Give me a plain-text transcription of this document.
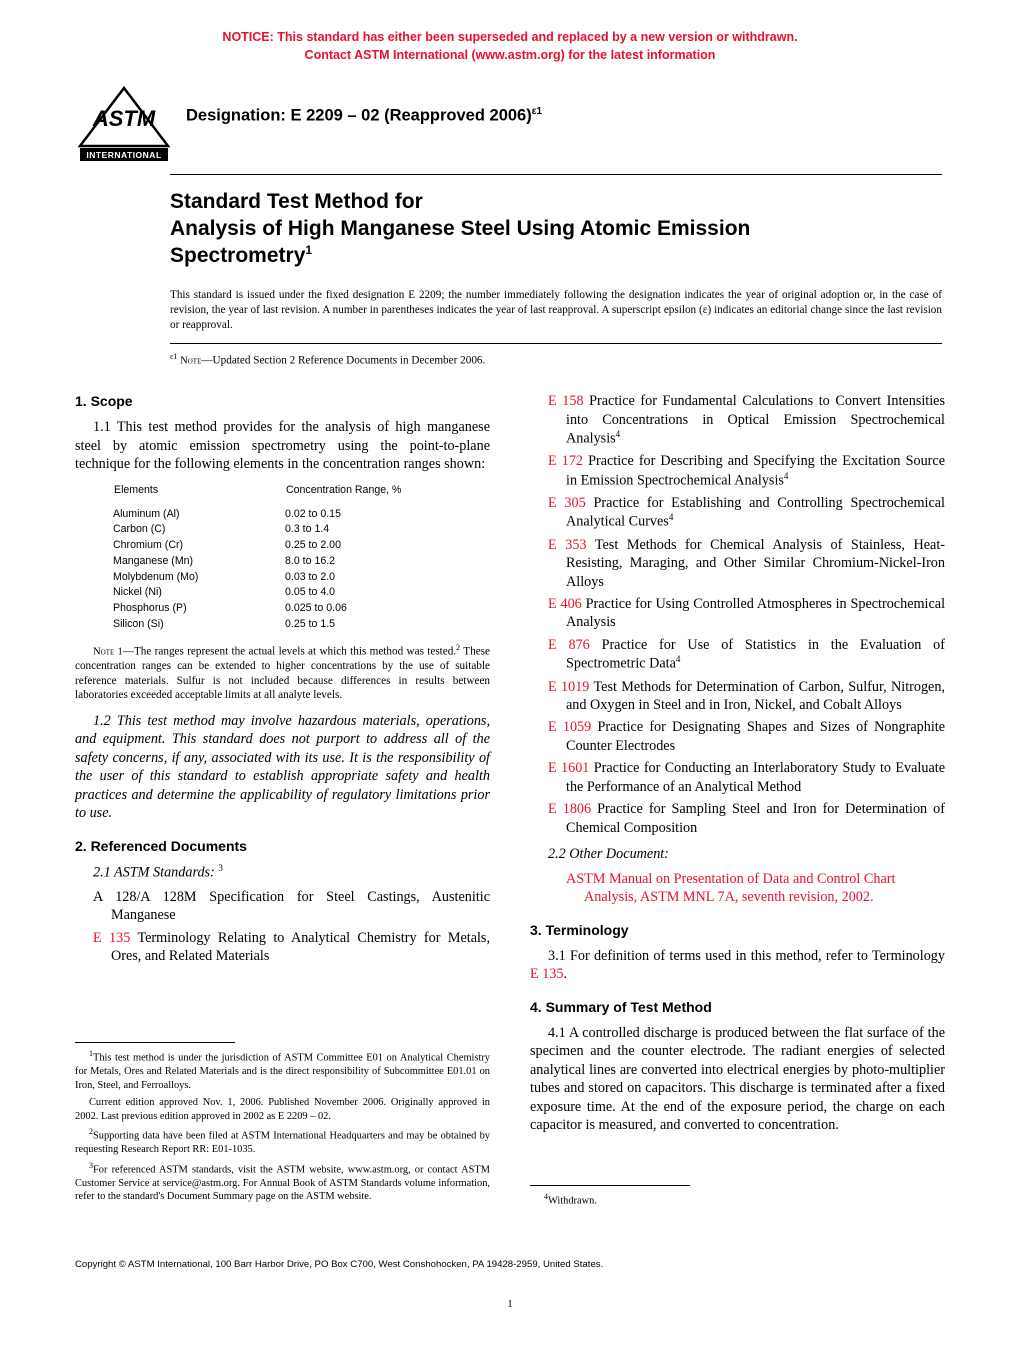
NOTICE: This standard has either been superseded and replaced by a new version or withdrawn.
Contact ASTM International (www.astm.org) for the latest information
ASTM
INTERNATIONAL
Designation: E 2209 – 02 (Reapproved 2006)$^{\varepsilon 1}$
Standard Test Method for
Analysis of High Manganese Steel Using Atomic Emission
Spectrometry$^1$
This standard is issued under the fixed designation E 2209; the number immediately following the designation indicates the year of original adoption or, in the case of revision, the year of last revision. A number in parentheses indicates the year of last reapproval. A superscript epsilon (ε) indicates an editorial change since the last revision or reapproval.
$^{\varepsilon 1}$ Note—Updated Section 2 Reference Documents in December 2006.
1. Scope

1.1 This test method provides for the analysis of high manganese steel by atomic emission spectrometry using the point-to-plane technique for the following elements in the concentration ranges shown:

Elements	Concentration Range, %
Aluminum (Al)	0.02 to 0.15
Carbon (C)	0.3 to 1.4
Chromium (Cr)	0.25 to 2.00
Manganese (Mn)	8.0 to 16.2
Molybdenum (Mo)	0.03 to 2.0
Nickel (Ni)	0.05 to 4.0
Phosphorus (P)	0.025 to 0.06
Silicon (Si)	0.25 to 1.5

Note 1—The ranges represent the actual levels at which this method was tested.$^2$ These concentration ranges can be extended to higher concentrations by the use of suitable reference materials. Sulfur is not included because differences in results between laboratories exceeded acceptable limits at all analyte levels.

1.2 This test method may involve hazardous materials, operations, and equipment. This standard does not purport to address all of the safety concerns, if any, associated with its use. It is the responsibility of the user of this standard to establish appropriate safety and health practices and determine the applicability of regulatory limitations prior to use.

2. Referenced Documents

2.1 ASTM Standards: $^3$

A 128/A 128M Specification for Steel Castings, Austenitic Manganese

E 135 Terminology Relating to Analytical Chemistry for Metals, Ores, and Related Materials

E 158 Practice for Fundamental Calculations to Convert Intensities into Concentrations in Optical Emission Spectrochemical Analysis$^4$

E 172 Practice for Describing and Specifying the Excitation Source in Emission Spectrochemical Analysis$^4$

E 305 Practice for Establishing and Controlling Spectrochemical Analytical Curves$^4$

E 353 Test Methods for Chemical Analysis of Stainless, Heat-Resisting, Maraging, and Other Similar Chromium-Nickel-Iron Alloys

E 406 Practice for Using Controlled Atmospheres in Spectrochemical Analysis

E 876 Practice for Use of Statistics in the Evaluation of Spectrometric Data$^4$

E 1019 Test Methods for Determination of Carbon, Sulfur, Nitrogen, and Oxygen in Steel and in Iron, Nickel, and Cobalt Alloys

E 1059 Practice for Designating Shapes and Sizes of Nongraphite Counter Electrodes

E 1601 Practice for Conducting an Interlaboratory Study to Evaluate the Performance of an Analytical Method

E 1806 Practice for Sampling Steel and Iron for Determination of Chemical Composition

2.2 Other Document:

ASTM Manual on Presentation of Data and Control Chart
Analysis, ASTM MNL 7A, seventh revision, 2002.

3. Terminology

3.1 For definition of terms used in this method, refer to Terminology E 135.

4. Summary of Test Method

4.1 A controlled discharge is produced between the flat surface of the specimen and the counter electrode. The radiant energies of selected analytical lines are converted into electrical energies by photo-multiplier tubes and stored on capacitors. This discharge is terminated after a fixed exposure time. At the end of the exposure period, the charge on each capacitor is measured, and converted to concentration.

$^1$This test method is under the jurisdiction of ASTM Committee E01 on Analytical Chemistry for Metals, Ores and Related Materials and is the direct responsibility of Subcommittee E01.01 on Iron, Steel, and Ferroalloys.

Current edition approved Nov. 1, 2006. Published November 2006. Originally approved in 2002. Last previous edition approved in 2002 as E 2209 – 02.

$^2$Supporting data have been filed at ASTM International Headquarters and may be obtained by requesting Research Report RR: E01-1035.

$^3$For referenced ASTM standards, visit the ASTM website, www.astm.org, or contact ASTM Customer Service at service@astm.org. For Annual Book of ASTM Standards volume information, refer to the standard's Document Summary page on the ASTM website.	$^4$Withdrawn.

Copyright © ASTM International, 100 Barr Harbor Drive, PO Box C700, West Conshohocken, PA 19428-2959, United States.
1
